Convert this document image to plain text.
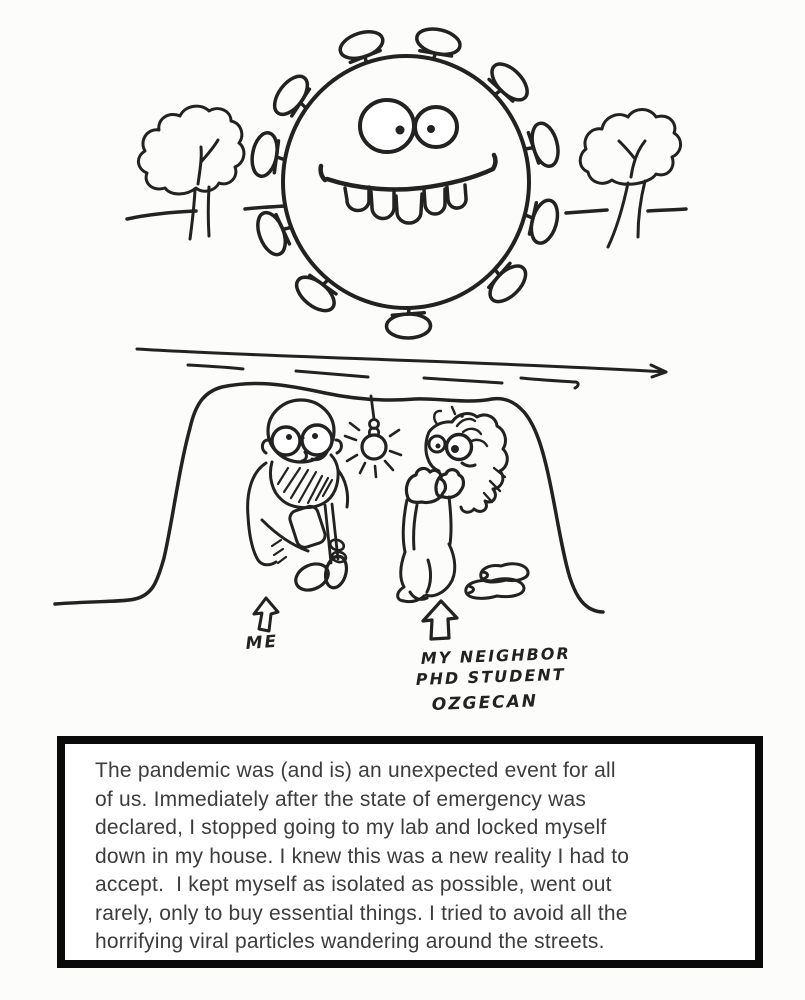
ME
MY NEIGHBOR
PHD STUDENT
OZGECAN
The pandemic was (and is) an unexpected event for all
of us. Immediately after the state of emergency was
declared, I stopped going to my lab and locked myself
down in my house. I knew this was a new reality I had to
accept.  I kept myself as isolated as possible, went out
rarely, only to buy essential things. I tried to avoid all the
horrifying viral particles wandering around the streets.
